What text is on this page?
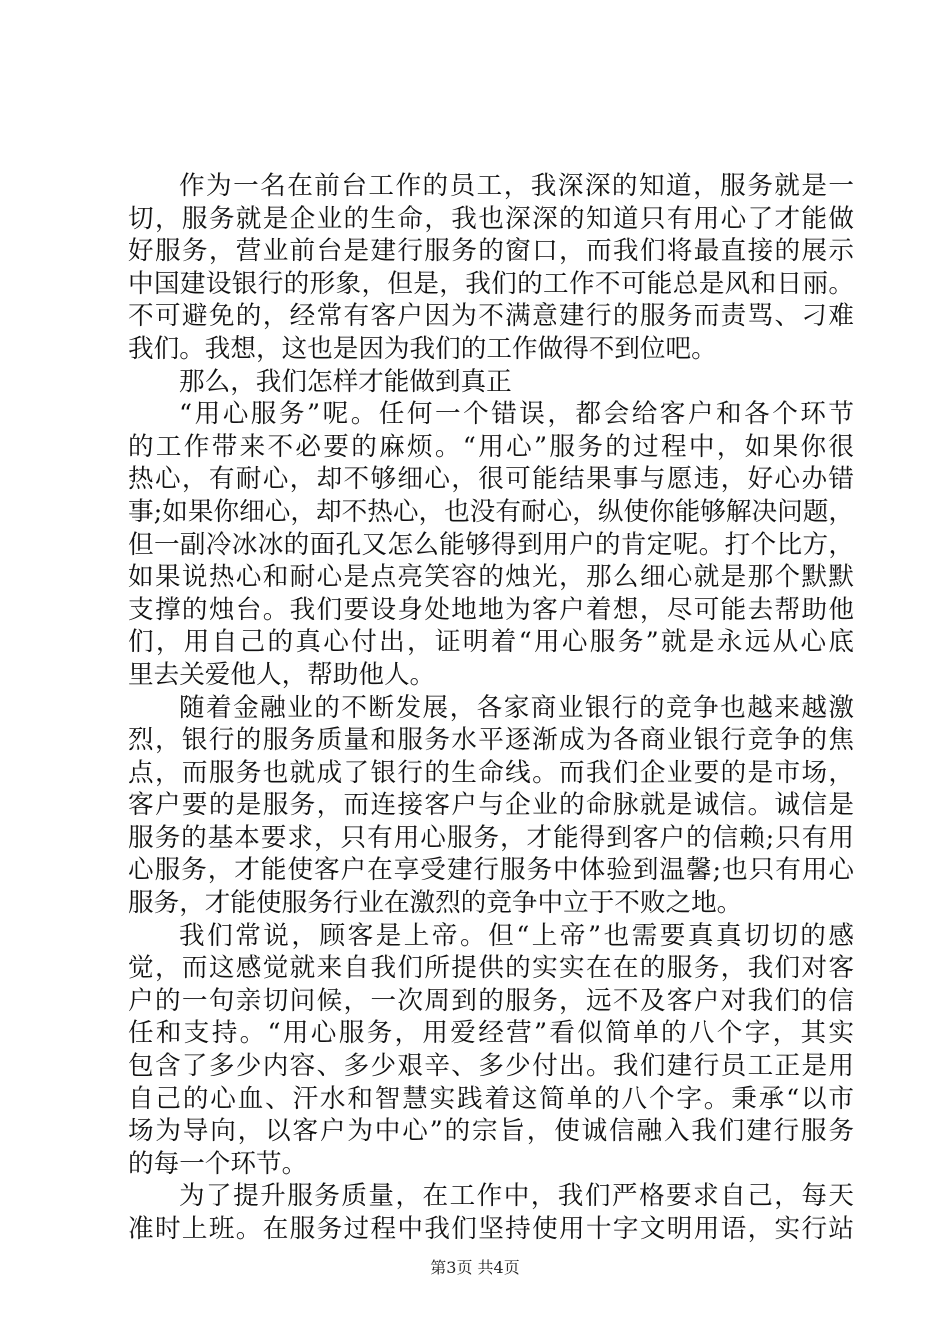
作为一名在前台工作的员工，我深深的知道，服务就是一
切，服务就是企业的生命，我也深深的知道只有用心了才能做
好服务，营业前台是建行服务的窗口，而我们将最直接的展示
中国建设银行的形象，但是，我们的工作不可能总是风和日丽。
不可避免的，经常有客户因为不满意建行的服务而责骂、刁难
我们。我想，这也是因为我们的工作做得不到位吧。
那么，我们怎样才能做到真正
“用心服务”呢。任何一个错误，都会给客户和各个环节
的工作带来不必要的麻烦。“用心”服务的过程中，如果你很
热心，有耐心，却不够细心，很可能结果事与愿违，好心办错
事;如果你细心，却不热心，也没有耐心，纵使你能够解决问题，
但一副冷冰冰的面孔又怎么能够得到用户的肯定呢。打个比方，
如果说热心和耐心是点亮笑容的烛光，那么细心就是那个默默
支撑的烛台。我们要设身处地地为客户着想，尽可能去帮助他
们，用自己的真心付出，证明着“用心服务”就是永远从心底
里去关爱他人，帮助他人。
随着金融业的不断发展，各家商业银行的竞争也越来越激
烈，银行的服务质量和服务水平逐渐成为各商业银行竞争的焦
点，而服务也就成了银行的生命线。而我们企业要的是市场，
客户要的是服务，而连接客户与企业的命脉就是诚信。诚信是
服务的基本要求，只有用心服务，才能得到客户的信赖;只有用
心服务，才能使客户在享受建行服务中体验到温馨;也只有用心
服务，才能使服务行业在激烈的竞争中立于不败之地。
我们常说，顾客是上帝。但“上帝”也需要真真切切的感
觉，而这感觉就来自我们所提供的实实在在的服务，我们对客
户的一句亲切问候，一次周到的服务，远不及客户对我们的信
任和支持。“用心服务，用爱经营”看似简单的八个字，其实
包含了多少内容、多少艰辛、多少付出。我们建行员工正是用
自己的心血、汗水和智慧实践着这简单的八个字。秉承“以市
场为导向，以客户为中心”的宗旨，使诚信融入我们建行服务
的每一个环节。
为了提升服务质量，在工作中，我们严格要求自己，每天
准时上班。在服务过程中我们坚持使用十字文明用语，实行站
第3页 共4页
